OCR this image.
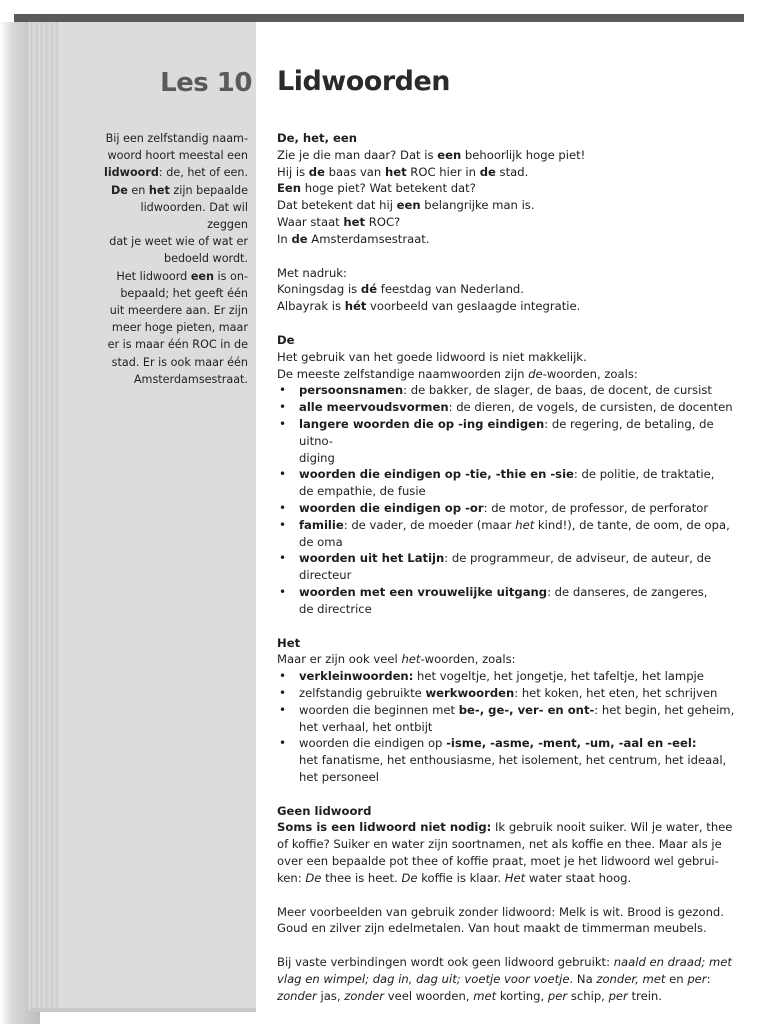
Les 10 Lidwoorden
Bij een zelfstandig naam-
woord hoort meestal een
lidwoord: de, het of een.
De en het zijn bepaalde
lidwoorden. Dat wil zeggen
dat je weet wie of wat er
bedoeld wordt.
Het lidwoord een is on-
bepaald; het geeft één
uit meerdere aan. Er zijn
meer hoge pieten, maar
er is maar één ROC in de
stad. Er is ook maar één
Amsterdamsestraat.

De, het, een

Zie je die man daar? Dat is een behoorlijk hoge piet!

Hij is de baas van het ROC hier in de stad.

Een hoge piet? Wat betekent dat?

Dat betekent dat hij een belangrijke man is.

Waar staat het ROC?

In de Amsterdamsestraat.

Met nadruk:

Koningsdag is dé feestdag van Nederland.

Albayrak is hét voorbeeld van geslaagde integratie.

De

Het gebruik van het goede lidwoord is niet makkelijk.

De meeste zelfstandige naamwoorden zijn de-woorden, zoals:

• persoonsnamen: de bakker, de slager, de baas, de docent, de cursist
• alle meervoudsvormen: de dieren, de vogels, de cursisten, de docenten
• langere woorden die op -ing eindigen: de regering, de betaling, de uitno-
diging
• woorden die eindigen op -tie, -thie en -sie: de politie, de traktatie,
de empathie, de fusie
• woorden die eindigen op -or: de motor, de professor, de perforator
• familie: de vader, de moeder (maar het kind!), de tante, de oom, de opa,
de oma
• woorden uit het Latijn: de programmeur, de adviseur, de auteur, de directeur
• woorden met een vrouwelijke uitgang: de danseres, de zangeres,
de directrice

Het

Maar er zijn ook veel het-woorden, zoals:

• verkleinwoorden: het vogeltje, het jongetje, het tafeltje, het lampje
• zelfstandig gebruikte werkwoorden: het koken, het eten, het schrijven
• woorden die beginnen met be-, ge-, ver- en ont-: het begin, het geheim,
het verhaal, het ontbijt
• woorden die eindigen op -isme, -asme, -ment, -um, -aal en -eel:
het fanatisme, het enthousiasme, het isolement, het centrum, het ideaal,
het personeel

Geen lidwoord

Soms is een lidwoord niet nodig: Ik gebruik nooit suiker. Wil je water, thee
of koffie? Suiker en water zijn soortnamen, net als koffie en thee. Maar als je
over een bepaalde pot thee of koffie praat, moet je het lidwoord wel gebrui-
ken: De thee is heet. De koffie is klaar. Het water staat hoog.

Meer voorbeelden van gebruik zonder lidwoord: Melk is wit. Brood is gezond.
Goud en zilver zijn edelmetalen. Van hout maakt de timmerman meubels.

Bij vaste verbindingen wordt ook geen lidwoord gebruikt: naald en draad; met
vlag en wimpel; dag in, dag uit; voetje voor voetje. Na zonder, met en per:
zonder jas, zonder veel woorden, met korting, per schip, per trein.
